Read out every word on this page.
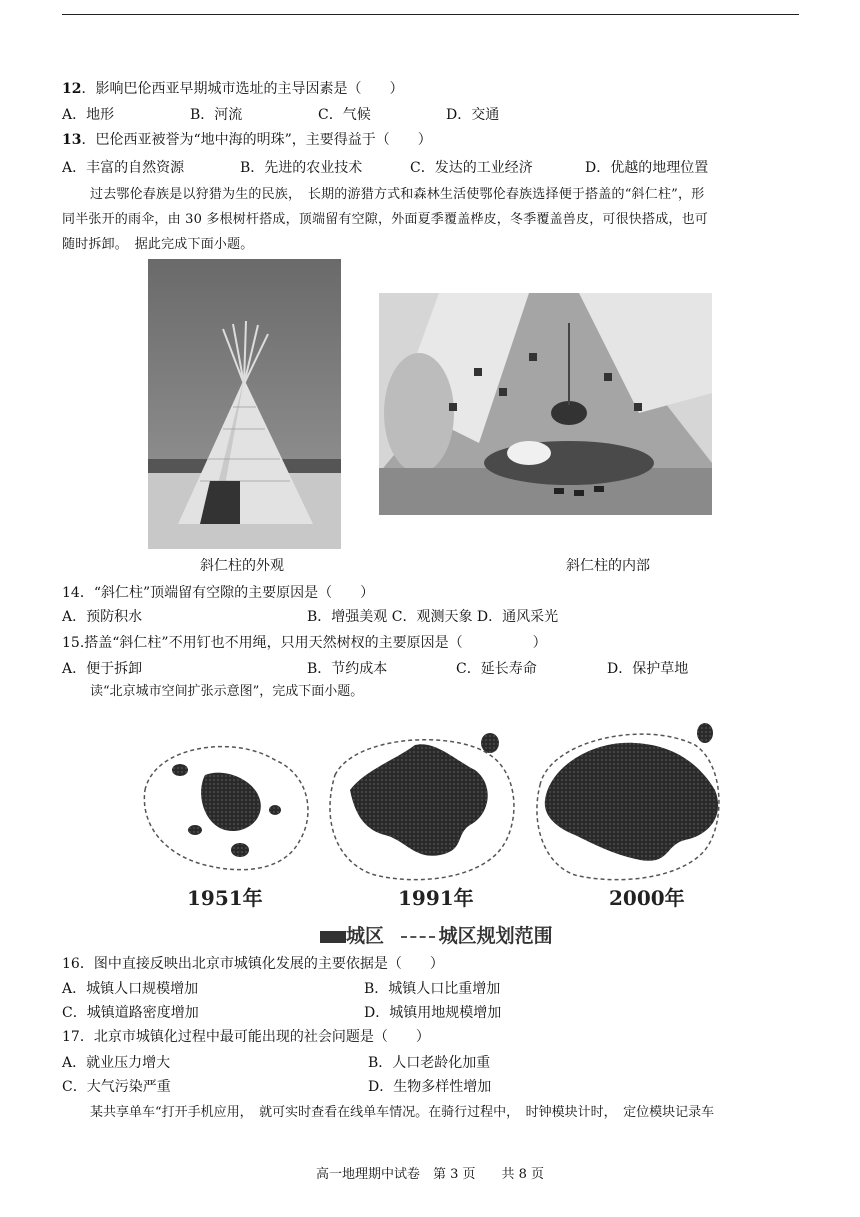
12．影响巴伦西亚早期城市选址的主导因素是（　　）
A．地形	B．河流	C．气候	D．交通
13．巴伦西亚被誉为“地中海的明珠”，主要得益于（　　）
A．丰富的自然资源	B．先进的农业技术	C．发达的工业经济	D．优越的地理位置
过去鄂伦春族是以狩猎为生的民族，　长期的游猎方式和森林生活使鄂伦春族选择便于搭盖的“斜仁柱”，形
同半张开的雨伞，由 30 多根树杆搭成，顶端留有空隙，外面夏季覆盖桦皮，冬季覆盖兽皮，可很快搭成，也可
随时拆卸。　据此完成下面小题。
斜仁柱的外观	斜仁柱的内部
14．“斜仁柱”顶端留有空隙的主要原因是（　　）
A．预防积水	B．增强美观 C．观测天象 D．通风采光
15.搭盖“斜仁柱”不用钉也不用绳，只用天然树杈的主要原因是（　　　　　）
A．便于拆卸	B．节约成本	C．延长寿命	D．保护草地
读“北京城市空间扩张示意图”，完成下面小题。
1951年	1991年	2000年
城区	城区规划范围
16．图中直接反映出北京市城镇化发展的主要依据是（　　）
A．城镇人口规模增加	B．城镇人口比重增加
C．城镇道路密度增加	D．城镇用地规模增加
17．北京市城镇化过程中最可能出现的社会问题是（　　）
A．就业压力增大	B．人口老龄化加重
C．大气污染严重	D．生物多样性增加
某共享单车“打开手机应用，　就可实时查看在线单车情况。在骑行过程中，　时钟模块计时，　定位模块记录车
高一地理期中试卷　第 3 页　　共 8 页
